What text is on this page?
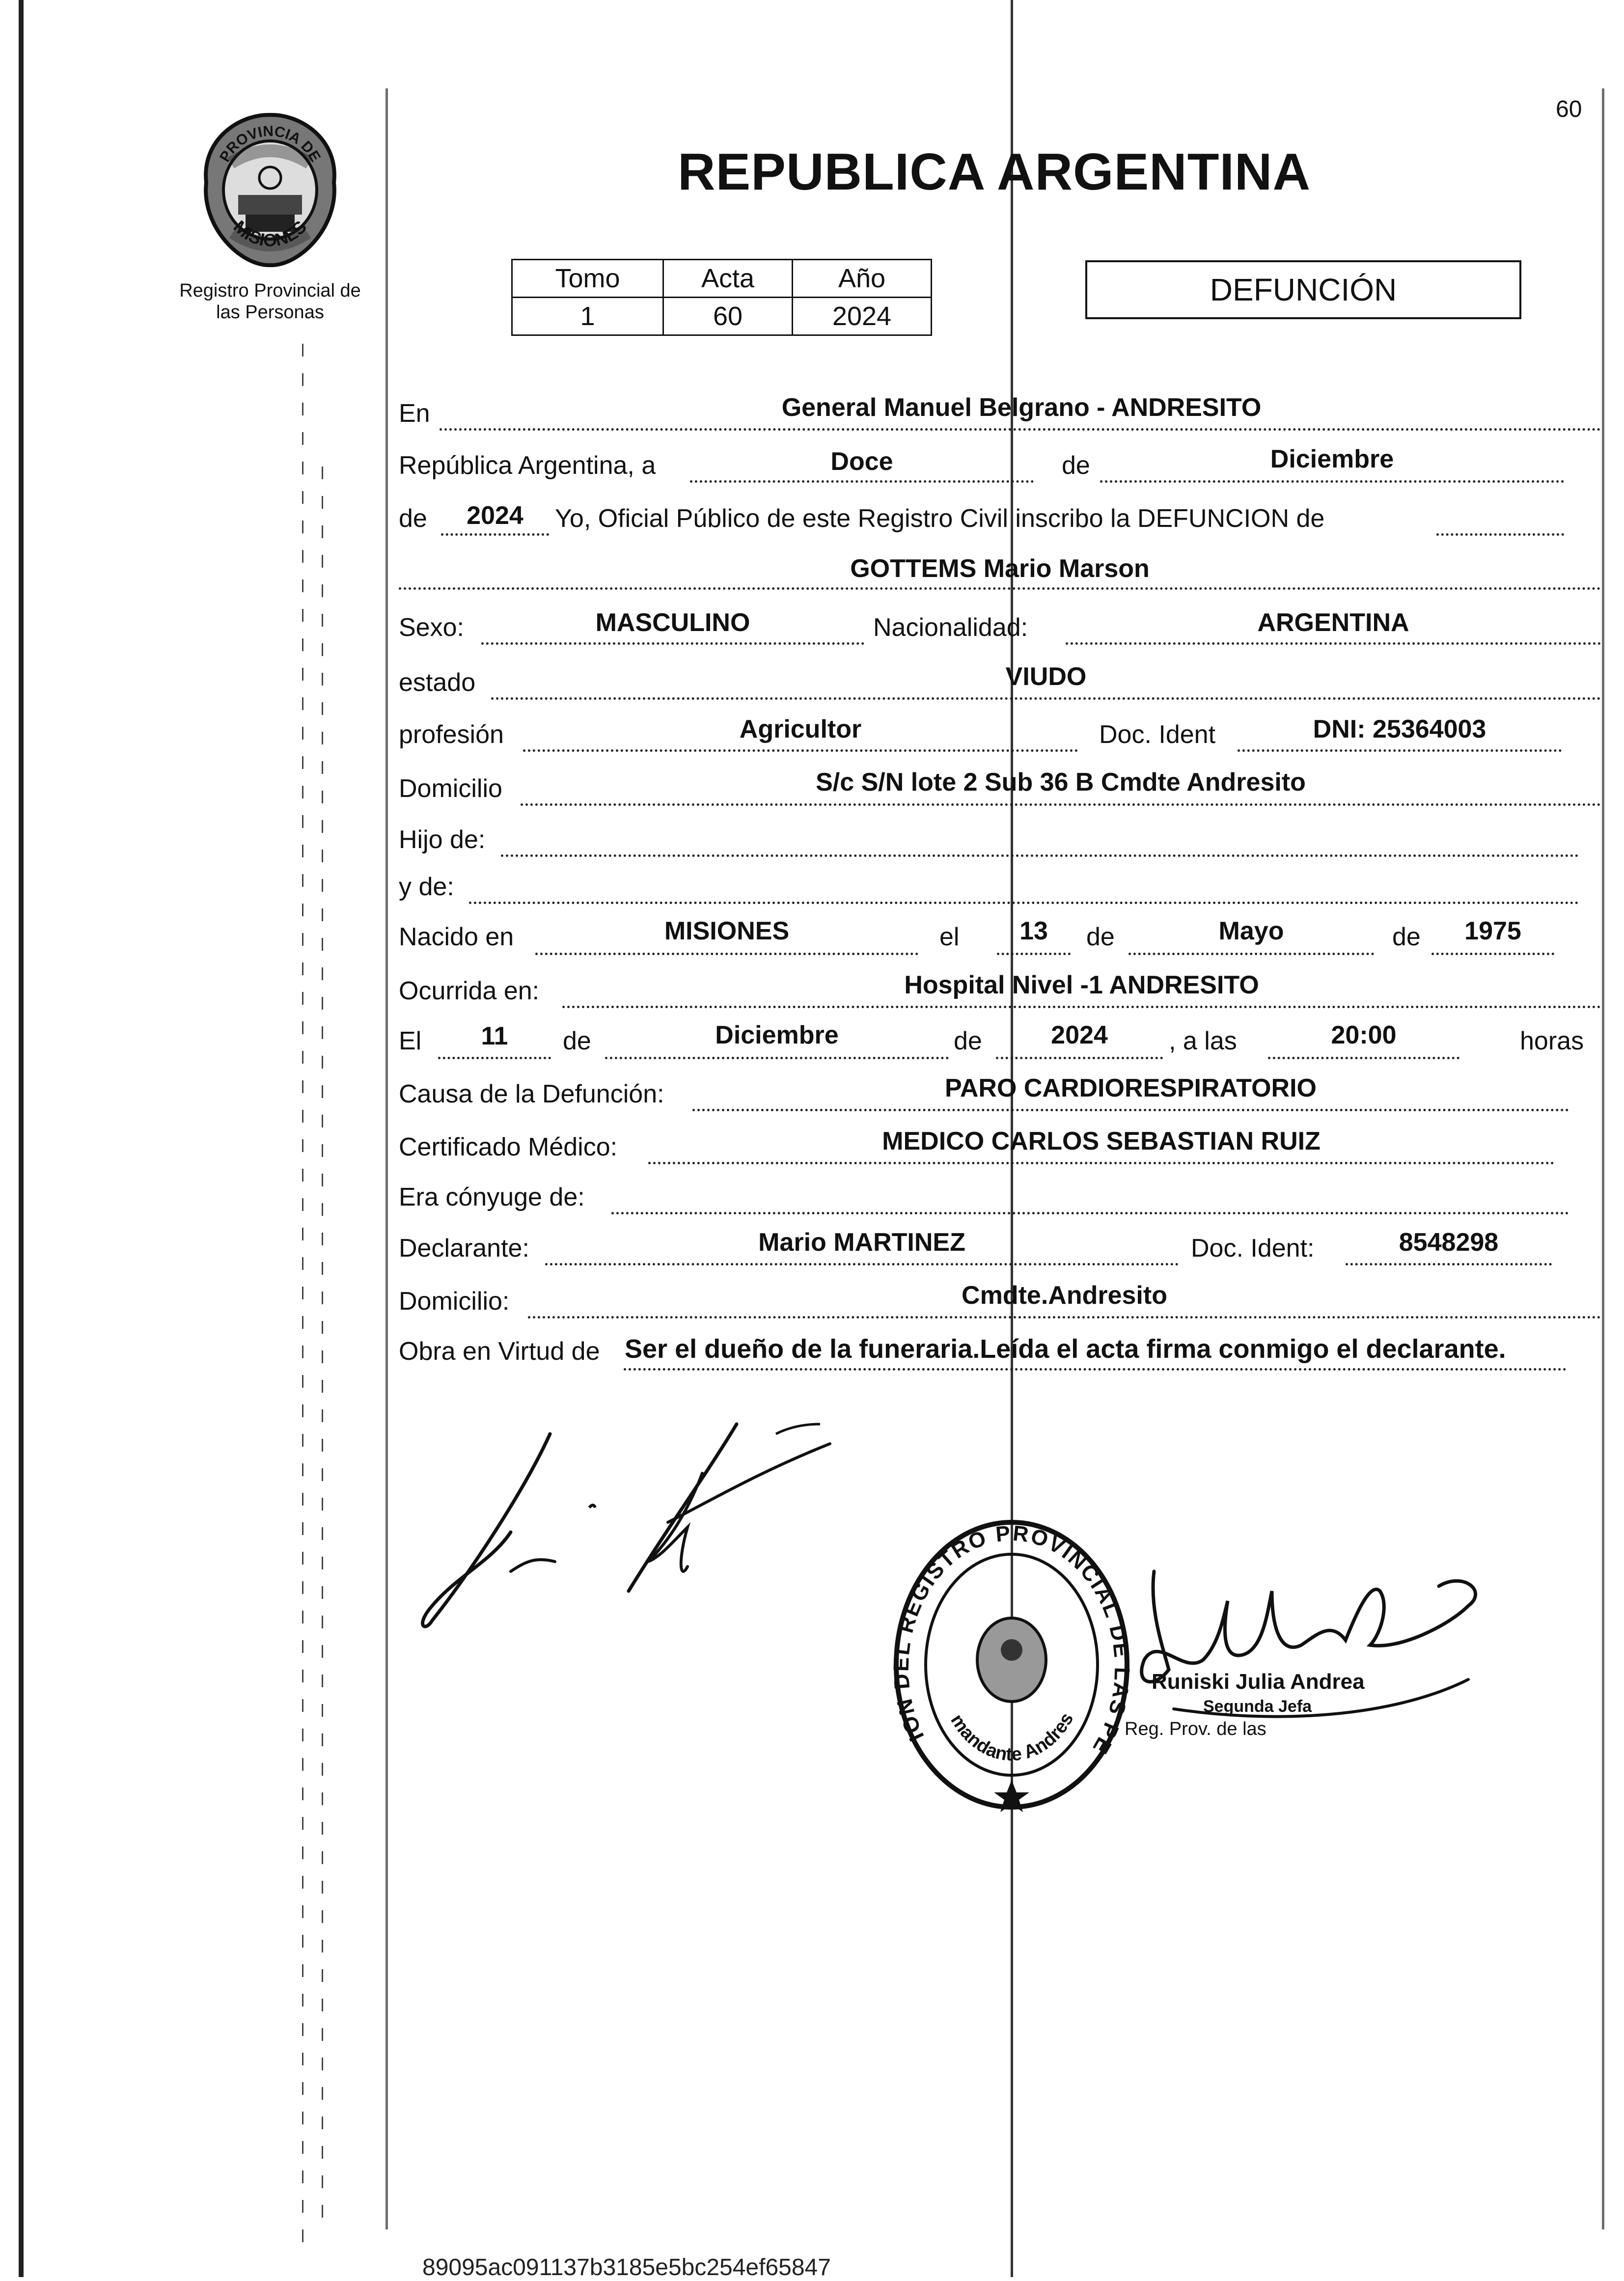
PROVINCIA DE
MISIONES
Registro Provincial de
las Personas
60
REPUBLICA ARGENTINA
Tomo	Acta	Año
1	60	2024
DEFUNCIÓN
En	General Manuel Belgrano - ANDRESITO
República Argentina, a	Doce	de	Diciembre
de	2024	Yo, Oficial Público de este Registro Civil inscribo la DEFUNCION de
GOTTEMS Mario Marson
Sexo:	MASCULINO	Nacionalidad:	ARGENTINA
estado	VIUDO
profesión	Agricultor	Doc. Ident	DNI: 25364003
Domicilio	S/c S/N lote 2 Sub 36 B Cmdte Andresito
Hijo de:
y de:
Nacido en	MISIONES	el	13	de	Mayo	de	1975
Ocurrida en:	Hospital Nivel -1 ANDRESITO
El	11	de	Diciembre	de	2024	, a las	20:00	horas
Causa de la Defunción:	PARO CARDIORESPIRATORIO
Certificado Médico:	MEDICO CARLOS SEBASTIAN RUIZ
Era cónyuge de:
Declarante:	Mario MARTINEZ	Doc. Ident:	8548298
Domicilio:	Cmdte.Andresito
Obra en Virtud de Ser el dueño de la funeraria.Leída el acta firma conmigo el declarante.
ION DEL REGISTRO PROVINCIAL DE LAS PE
mandante Andres
Runiski Julia Andrea
Segunda Jefa
Reg. Prov. de las
89095ac091137b3185e5bc254ef65847
